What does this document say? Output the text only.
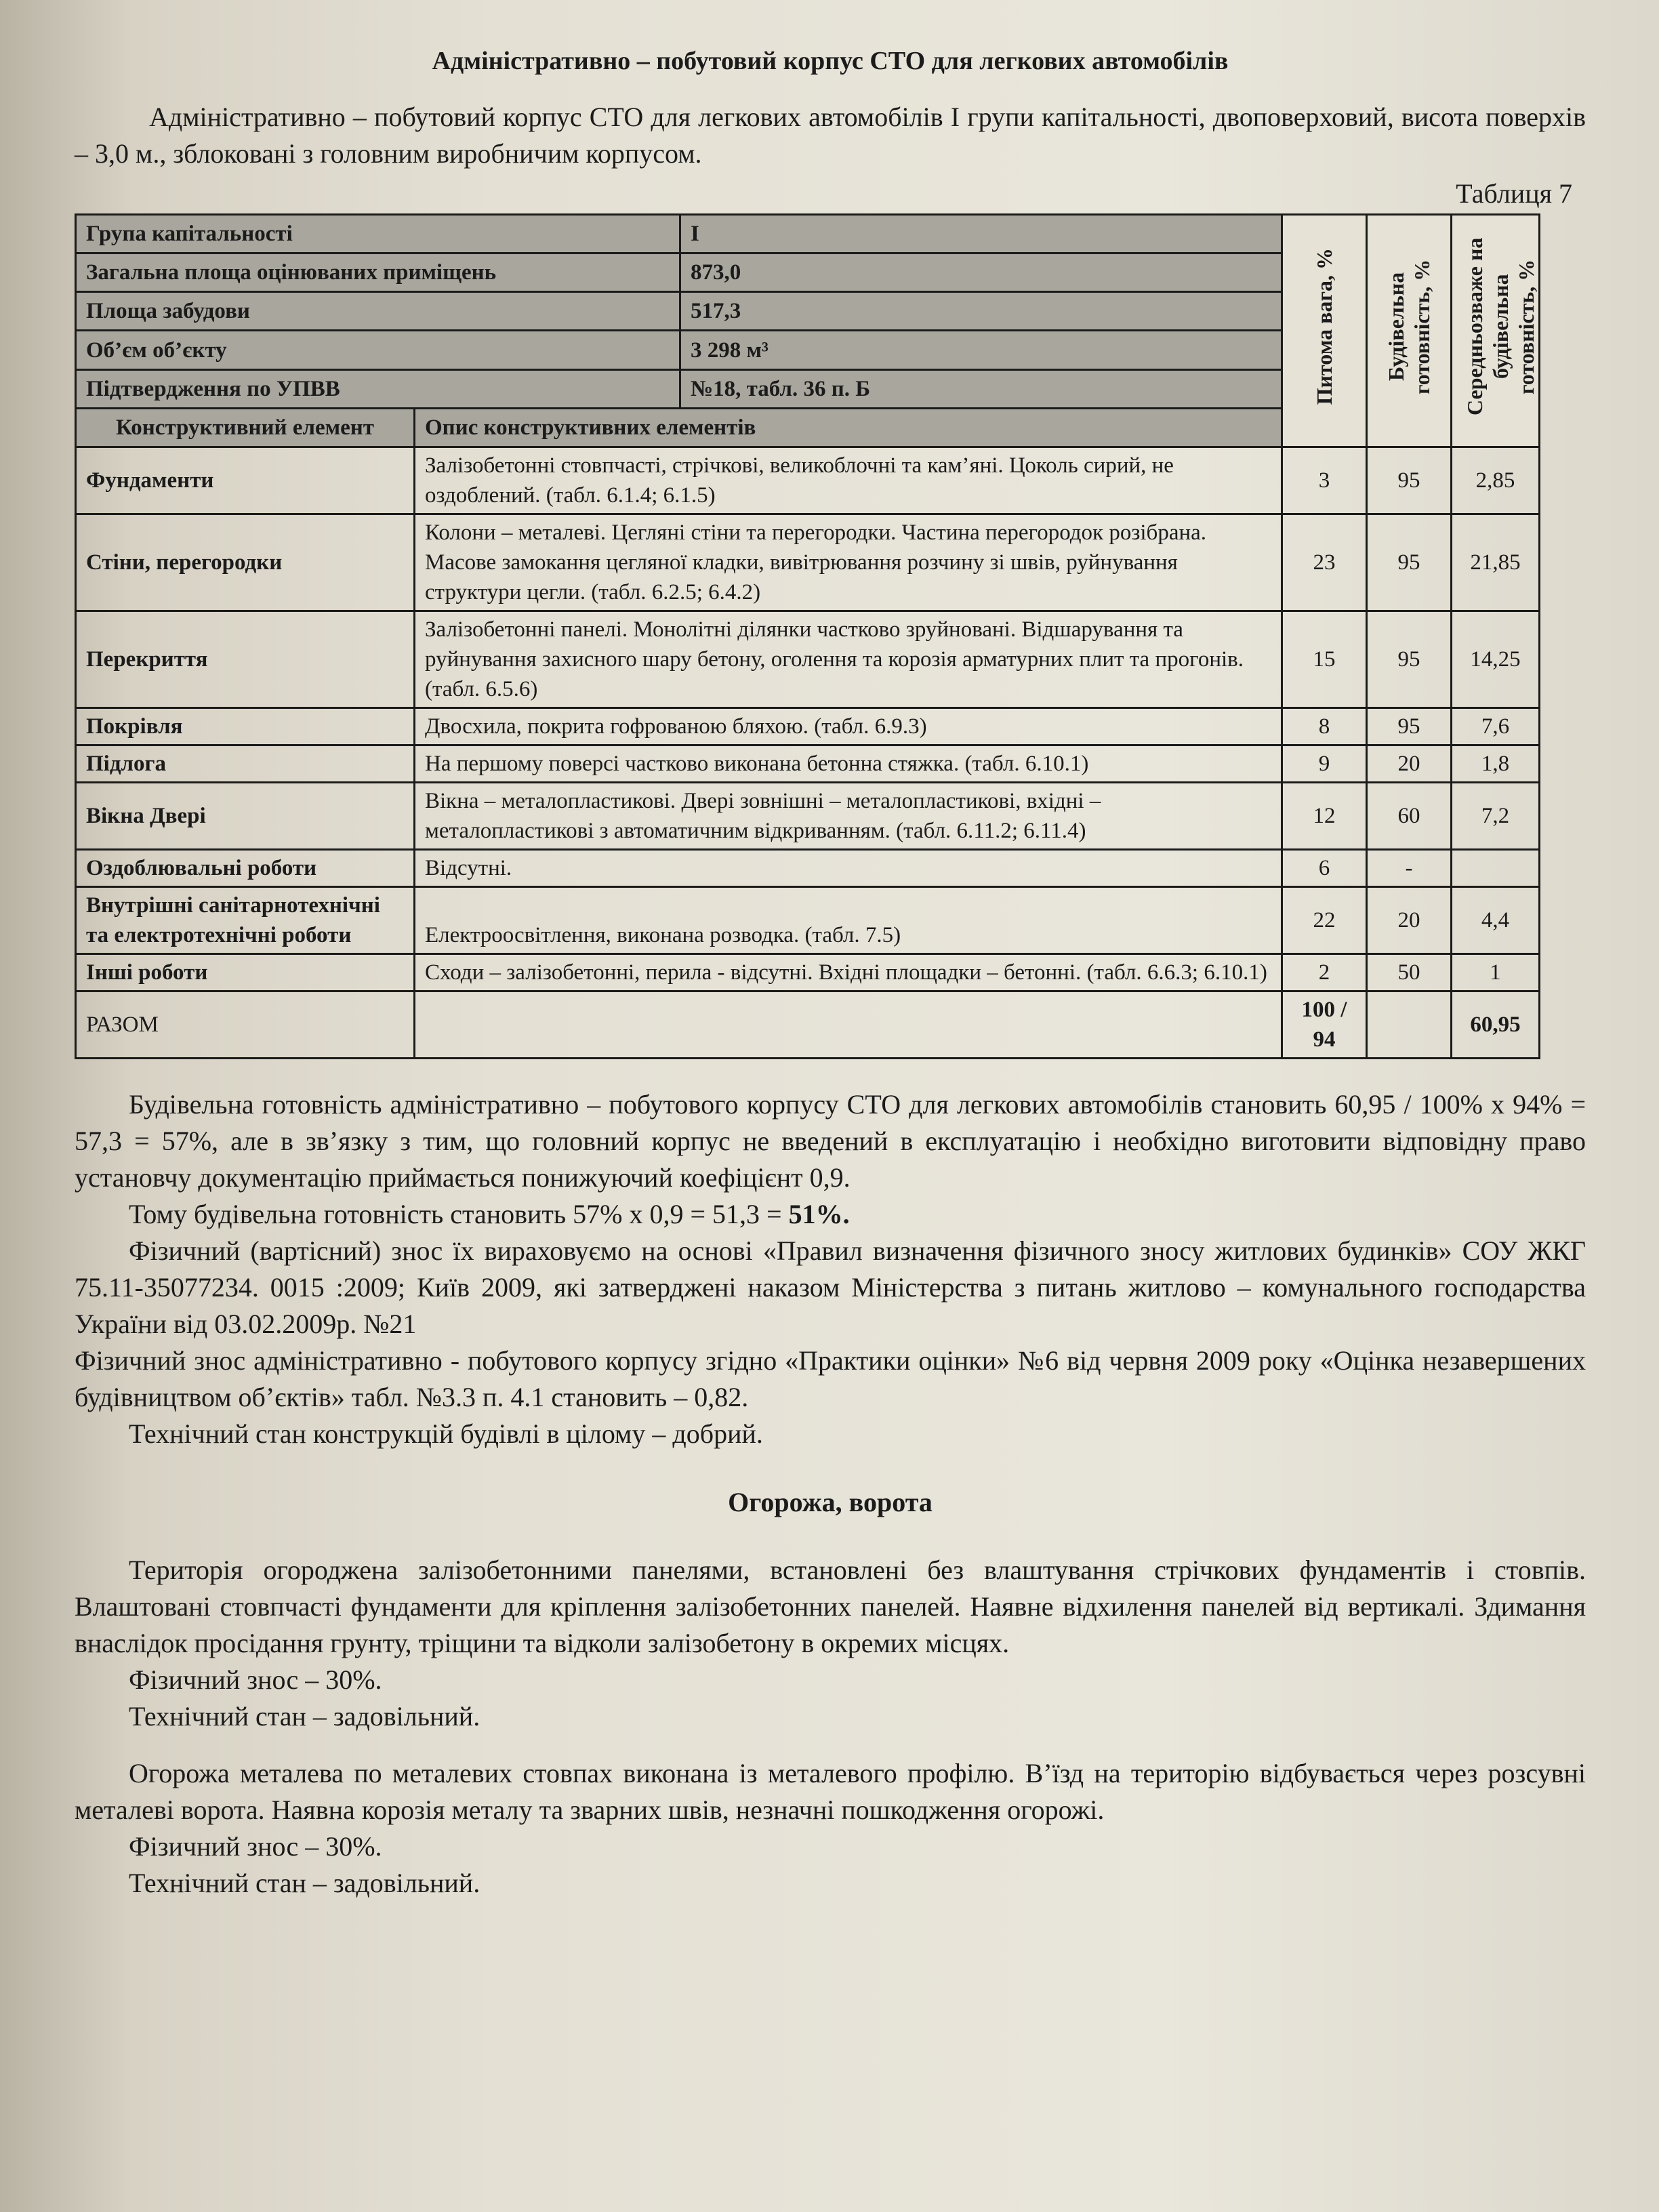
Адміністративно – побутовий корпус СТО для легкових автомобілів

Адміністративно – побутовий корпус СТО для легкових автомобілів І групи капітальності, двоповерховий, висота поверхів – 3,0 м., зблоковані з головним виробничим корпусом.

Таблиця 7
Група капітальності		I	Питома вага, %	Будівельна готовність, %	Середньозваже на будівельна готовність, %
Загальна площа оцінюваних приміщень		873,0			
Площа забудови		517,3			
Об’єм об’єкту		3 298 м³			
Підтвердження по УПВВ		№18, табл. 36 п. Б			
Конструктивний елемент	Опис конструктивних елементів				
Фундаменти	Залізобетонні стовпчасті, стрічкові, великоблочні та кам’яні. Цоколь сирий, не оздоблений. (табл. 6.1.4; 6.1.5)		3	95	2,85
Стіни, перегородки	Колони – металеві. Цегляні стіни та перегородки. Частина перегородок розібрана. Масове замокання цегляної кладки, вивітрювання розчину зі швів, руйнування структури цегли. (табл. 6.2.5; 6.4.2)		23	95	21,85
Перекриття	Залізобетонні панелі. Монолітні ділянки частково зруйновані. Відшарування та руйнування захисного шару бетону, оголення та корозія арматурних плит та прогонів. (табл. 6.5.6)		15	95	14,25
Покрівля	Двосхила, покрита гофрованою бляхою. (табл. 6.9.3)		8	95	7,6
Підлога	На першому поверсі частково виконана бетонна стяжка. (табл. 6.10.1)		9	20	1,8
Вікна Двері	Вікна – металопластикові. Двері зовнішні – металопластикові, вхідні – металопластикові з автоматичним відкриванням. (табл. 6.11.2; 6.11.4)		12	60	7,2
Оздоблювальні роботи	Відсутні.		6	-	
Внутрішні санітарнотехнічні та електротехнічні роботи	Електроосвітлення, виконана розводка. (табл. 7.5)		22	20	4,4
Інші роботи	Сходи – залізобетонні, перила - відсутні. Вхідні площадки – бетонні. (табл. 6.6.3; 6.10.1)		2	50	1
РАЗОМ			100 / 94		60,95

Будівельна готовність адміністративно – побутового корпусу СТО для легкових автомобілів становить 60,95 / 100% х 94% = 57,3 = 57%, але в зв’язку з тим, що головний корпус не введений в експлуатацію і необхідно виготовити відповідну право установчу документацію приймається понижуючий коефіцієнт 0,9.

Тому будівельна готовність становить 57% х 0,9 = 51,3 = 51%.

Фізичний (вартісний) знос їх вираховуємо на основі «Правил визначення фізичного зносу житлових будинків» СОУ ЖКГ 75.11-35077234. 0015 :2009; Київ 2009, які затверджені наказом Міністерства з питань житлово – комунального господарства України від 03.02.2009р. №21

Фізичний знос адміністративно - побутового корпусу згідно «Практики оцінки» №6 від червня 2009 року «Оцінка незавершених будівництвом об’єктів» табл. №3.3 п. 4.1 становить – 0,82.

Технічний стан конструкцій будівлі в цілому – добрий.

Огорожа, ворота

Територія огороджена залізобетонними панелями, встановлені без влаштування стрічкових фундаментів і стовпів. Влаштовані стовпчасті фундаменти для кріплення залізобетонних панелей. Наявне відхилення панелей від вертикалі. Здимання внаслідок просідання грунту, тріщини та відколи залізобетону в окремих місцях.

Фізичний знос – 30%.

Технічний стан – задовільний.

Огорожа металева по металевих стовпах виконана із металевого профілю. В’їзд на територію відбувається через розсувні металеві ворота. Наявна корозія металу та зварних швів, незначні пошкодження огорожі.

Фізичний знос – 30%.

Технічний стан – задовільний.
